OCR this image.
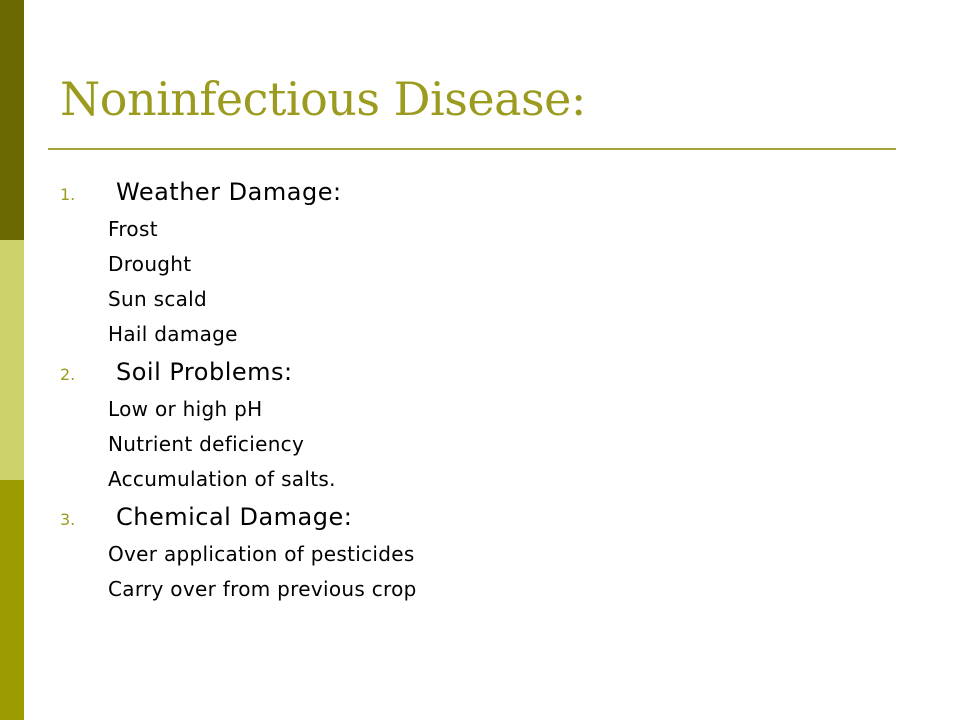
Noninfectious Disease:
1.	Weather Damage:
Frost
Drought
Sun scald
Hail damage
2.	Soil Problems:
Low or high pH
Nutrient deficiency
Accumulation of salts.
3.	Chemical Damage:
Over application of pesticides
Carry over from previous crop
